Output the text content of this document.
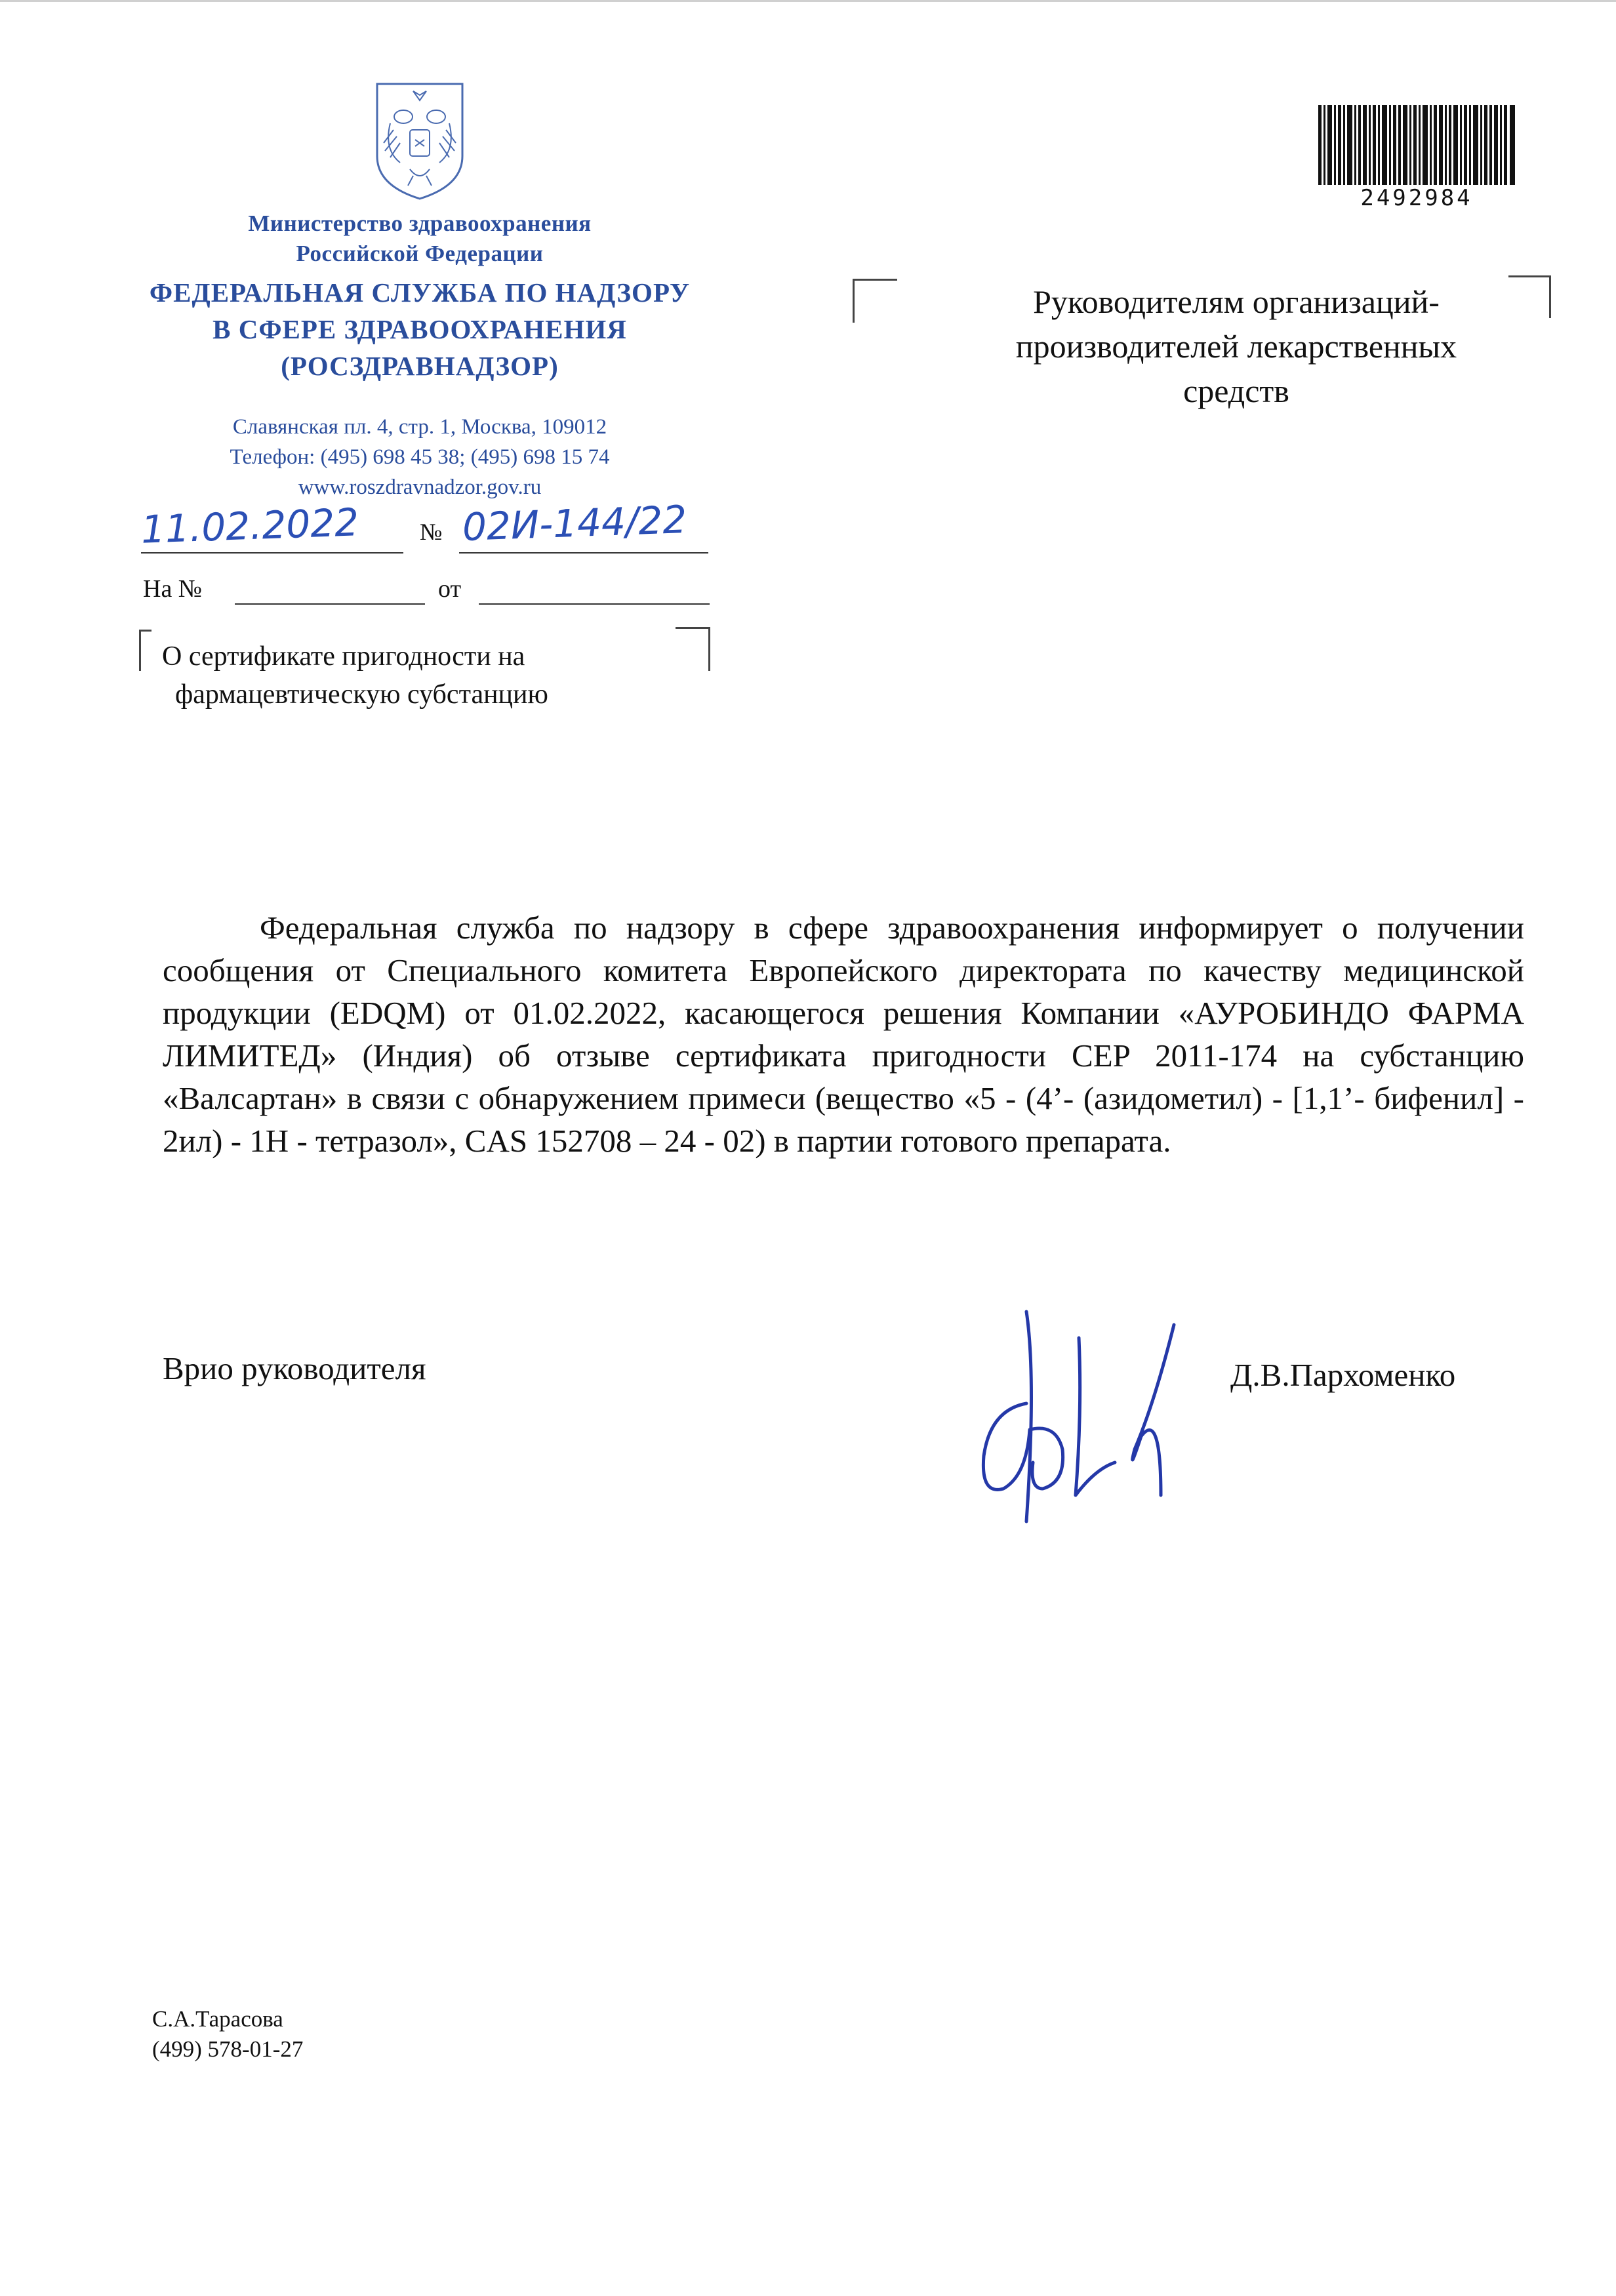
Министерство здравоохранения
Российской Федерации
ФЕДЕРАЛЬНАЯ СЛУЖБА ПО НАДЗОРУ
В СФЕРЕ ЗДРАВООХРАНЕНИЯ
(РОСЗДРАВНАДЗОР)
Славянская пл. 4, стр. 1, Москва, 109012
Телефон: (495) 698 45 38; (495) 698 15 74
www.roszdravnadzor.gov.ru
11.02.2022	№ 02И-144/22
На №	от
О сертификате пригодности на
фармацевтическую субстанцию
2492984
Руководителям организаций-
производителей лекарственных
средств
Федеральная служба по надзору в сфере здравоохранения информирует о получении сообщения от Специального комитета Европейского директората по качеству медицинской продукции (EDQM) от 01.02.2022, касающегося решения Компании «АУРОБИНДО ФАРМА ЛИМИТЕД» (Индия) об отзыве сертификата пригодности CEP 2011-174 на субстанцию «Валсартан» в связи с обнаружением примеси (вещество «5 - (4’- (азидометил) - [1,1’- бифенил] - 2ил) - 1H - тетразол», CAS 152708 – 24 - 02) в партии готового препарата.
Врио руководителя	Д.В.Пархоменко
С.А.Тарасова
(499) 578-01-27
